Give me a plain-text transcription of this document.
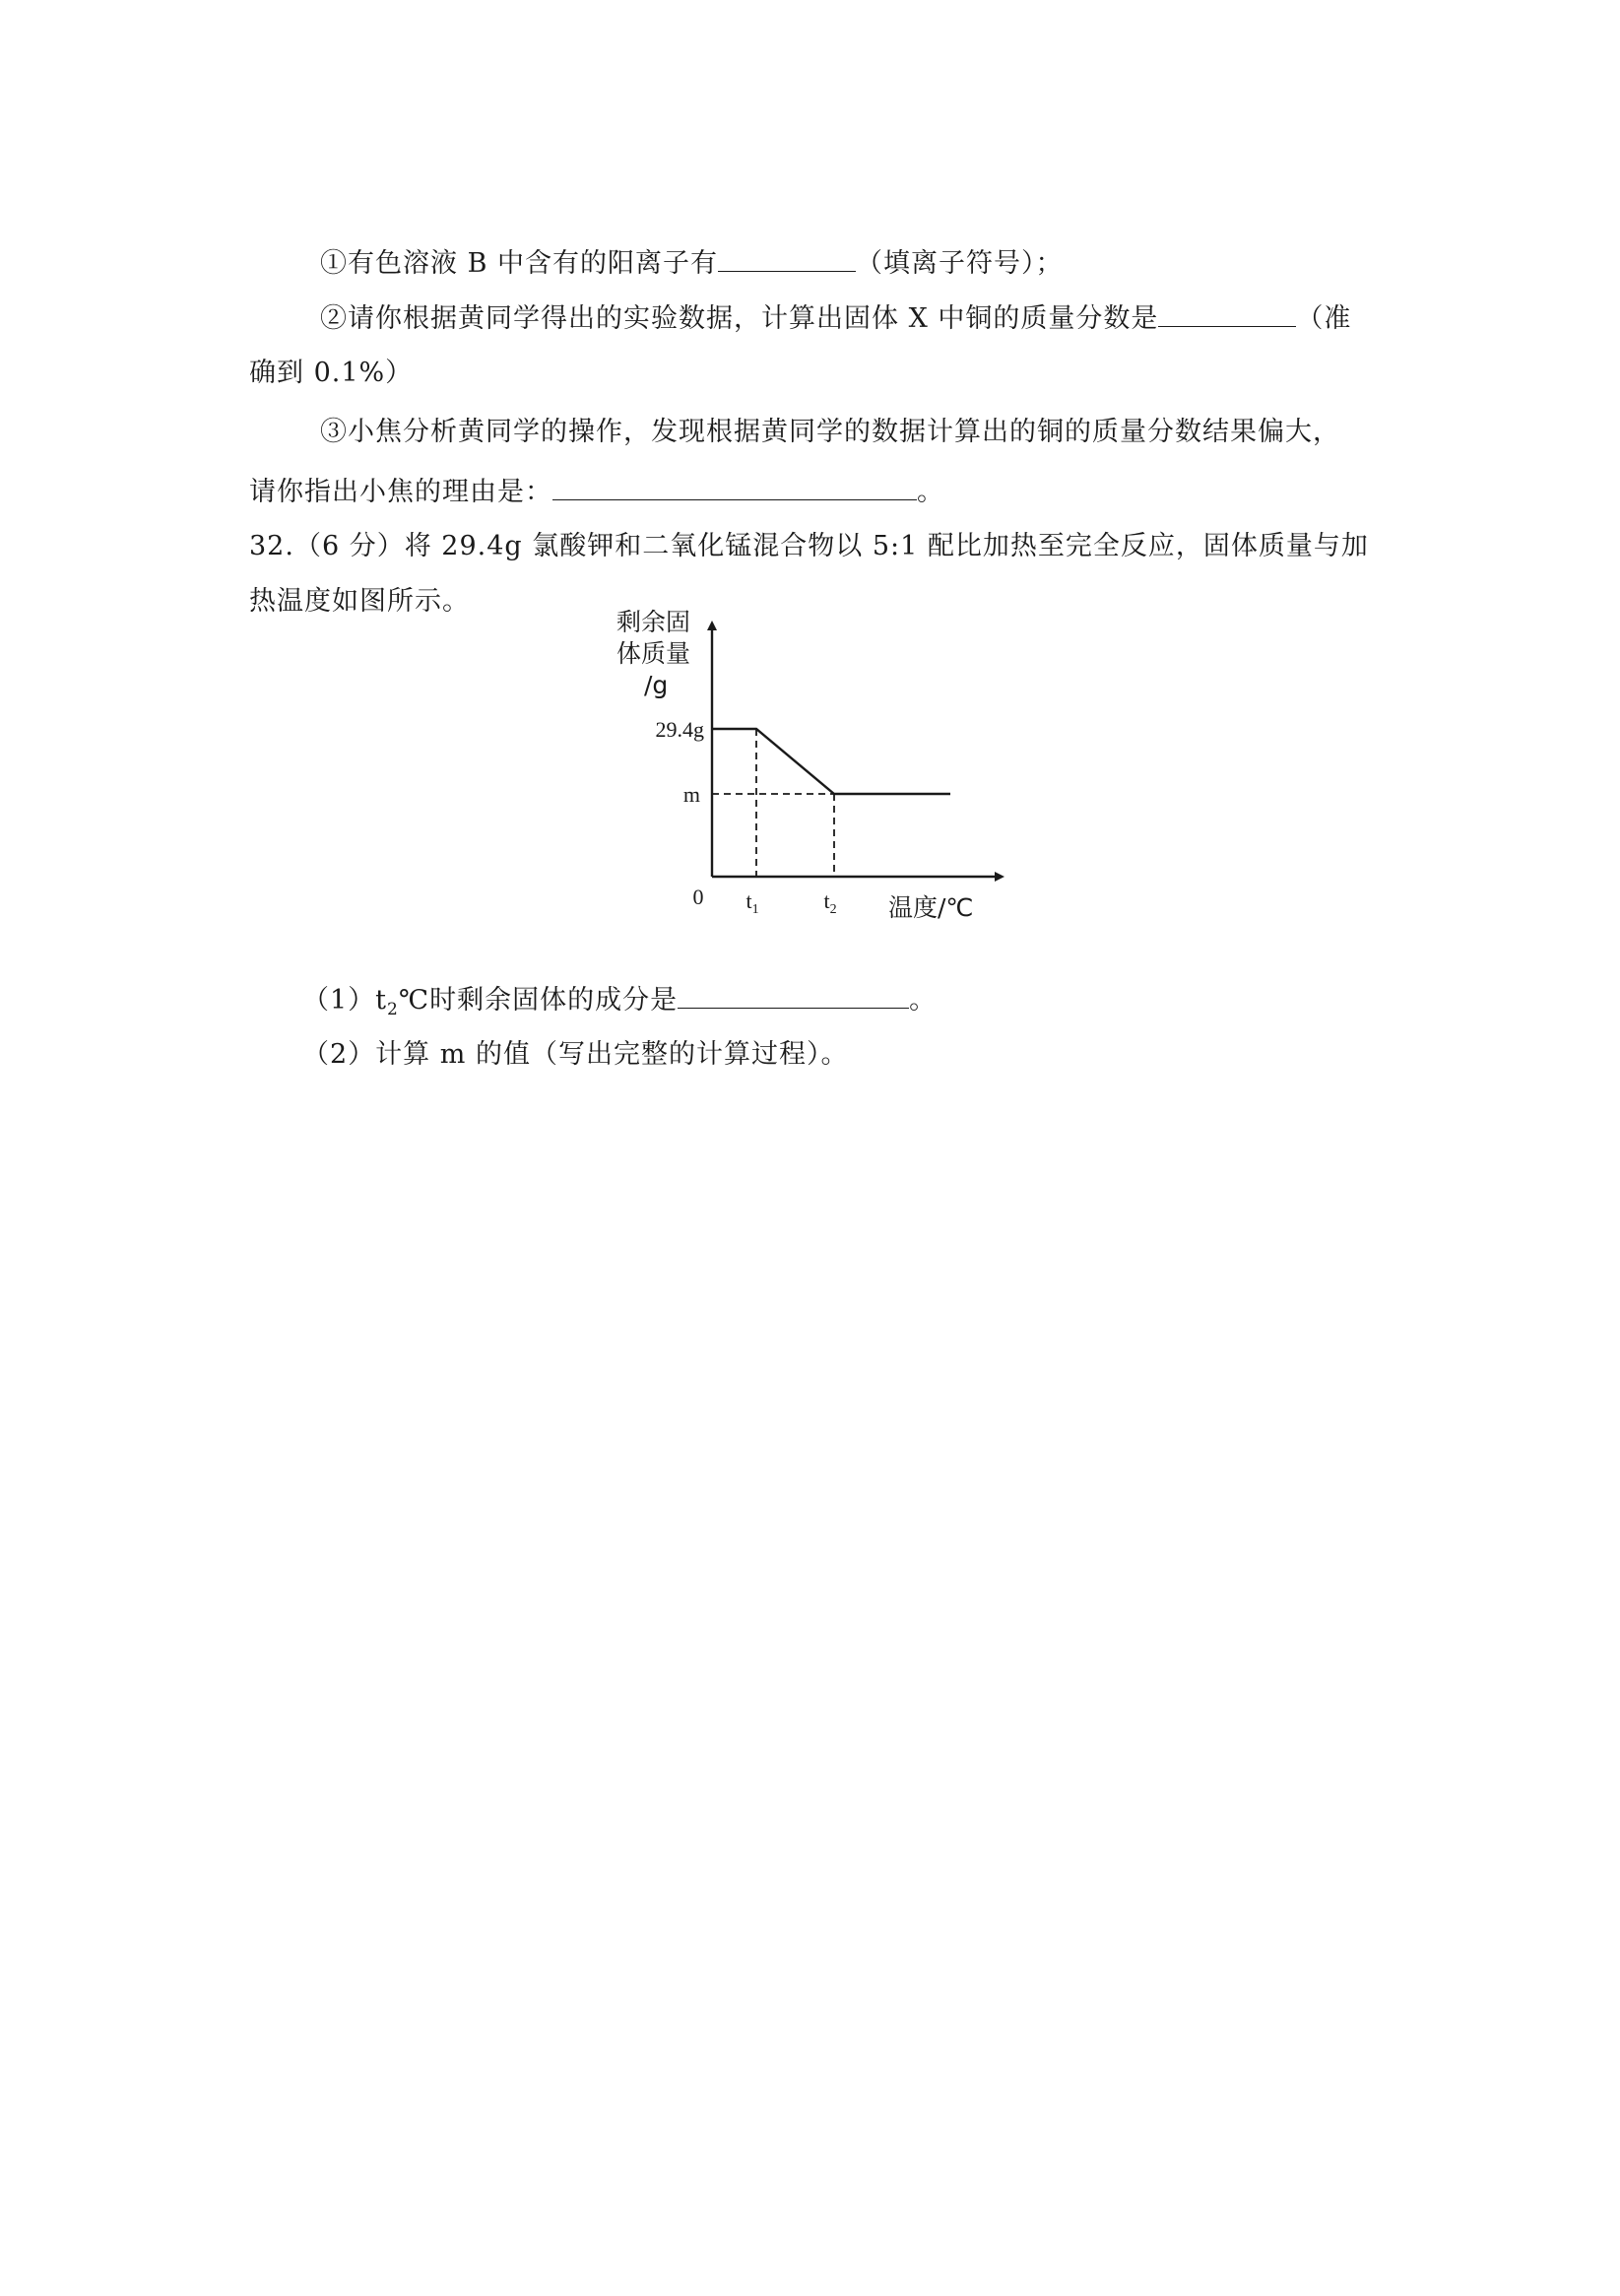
①有色溶液 B 中含有的阳离子有	（填离子符号）；
②请你根据黄同学得出的实验数据，计算出固体 X 中铜的质量分数是	（准
确到 0.1%）
③小焦分析黄同学的操作，发现根据黄同学的数据计算出的铜的质量分数结果偏大，
请你指出小焦的理由是：	。
32.（6 分）将 29.4g 氯酸钾和二氧化锰混合物以 5:1 配比加热至完全反应，固体质量与加
热温度如图所示。
剩余固
体质量
/g
29.4g
m
0 $t_1$	$t_2$ 温度/℃
$(1)t_2℃$时剩余固体的成分是	。
（2）计算 m 的值（写出完整的计算过程）。
